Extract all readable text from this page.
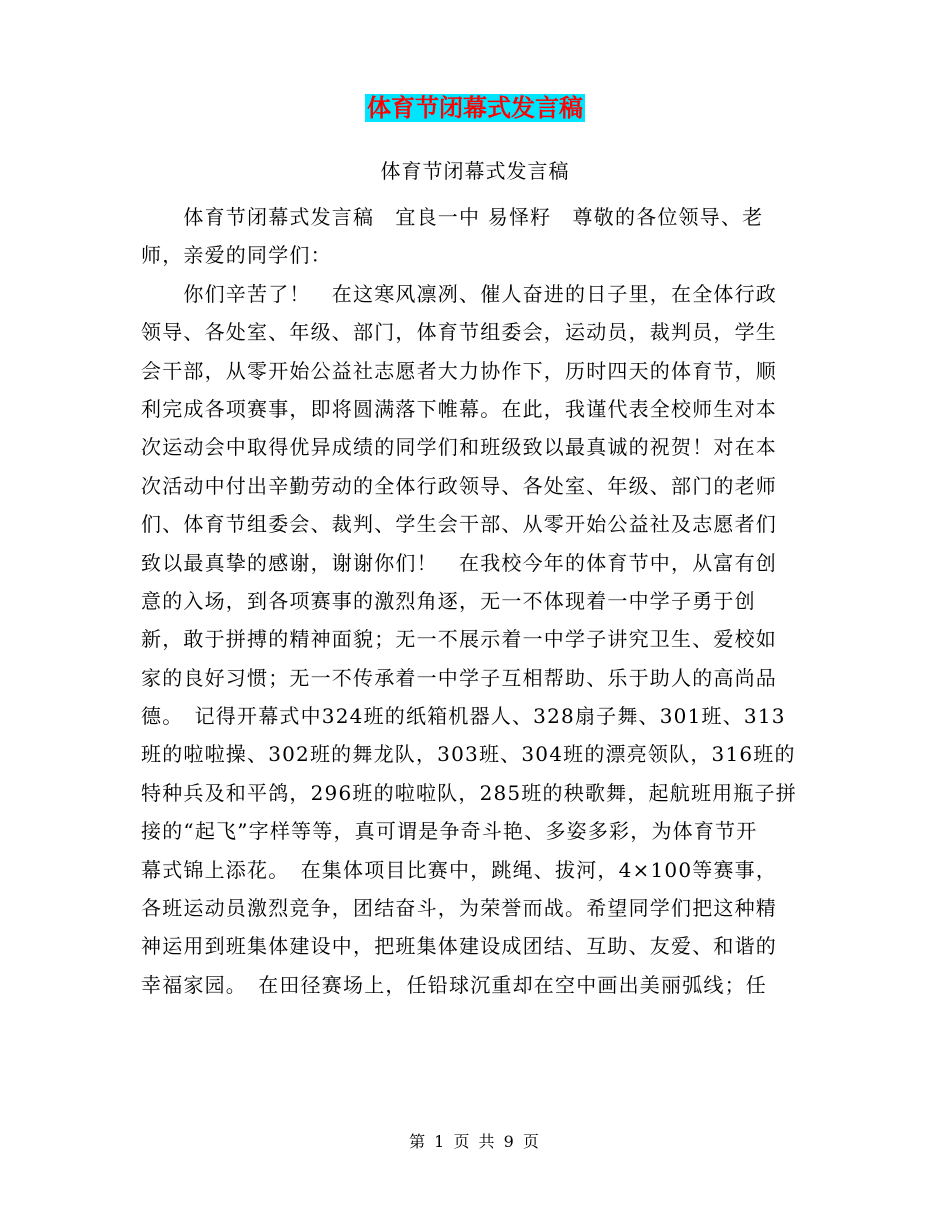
体育节闭幕式发言稿
体育节闭幕式发言稿
　　体育节闭幕式发言稿　宜良一中 易怿籽　尊敬的各位领导、老
师，亲爱的同学们：
　　你们辛苦了！　在这寒风凛冽、催人奋进的日子里，在全体行政
领导、各处室、年级、部门，体育节组委会，运动员，裁判员，学生
会干部，从零开始公益社志愿者大力协作下，历时四天的体育节，顺
利完成各项赛事，即将圆满落下帷幕。在此，我谨代表全校师生对本
次运动会中取得优异成绩的同学们和班级致以最真诚的祝贺！对在本
次活动中付出辛勤劳动的全体行政领导、各处室、年级、部门的老师
们、体育节组委会、裁判、学生会干部、从零开始公益社及志愿者们
致以最真挚的感谢，谢谢你们！　在我校今年的体育节中，从富有创
意的入场，到各项赛事的激烈角逐，无一不体现着一中学子勇于创
新，敢于拼搏的精神面貌；无一不展示着一中学子讲究卫生、爱校如
家的良好习惯；无一不传承着一中学子互相帮助、乐于助人的高尚品
德。　记得开幕式中324班的纸箱机器人、328扇子舞、301班、313
班的啦啦操、302班的舞龙队，303班、304班的漂亮领队，316班的
特种兵及和平鸽，296班的啦啦队，285班的秧歌舞，起航班用瓶子拼
接的“起飞”字样等等，真可谓是争奇斗艳、多姿多彩，为体育节开
幕式锦上添花。　在集体项目比赛中，跳绳、拔河，4×100等赛事，
各班运动员激烈竞争，团结奋斗，为荣誉而战。希望同学们把这种精
神运用到班集体建设中，把班集体建设成团结、互助、友爱、和谐的
幸福家园。　在田径赛场上，任铅球沉重却在空中画出美丽弧线；任
第 1 页 共 9 页
